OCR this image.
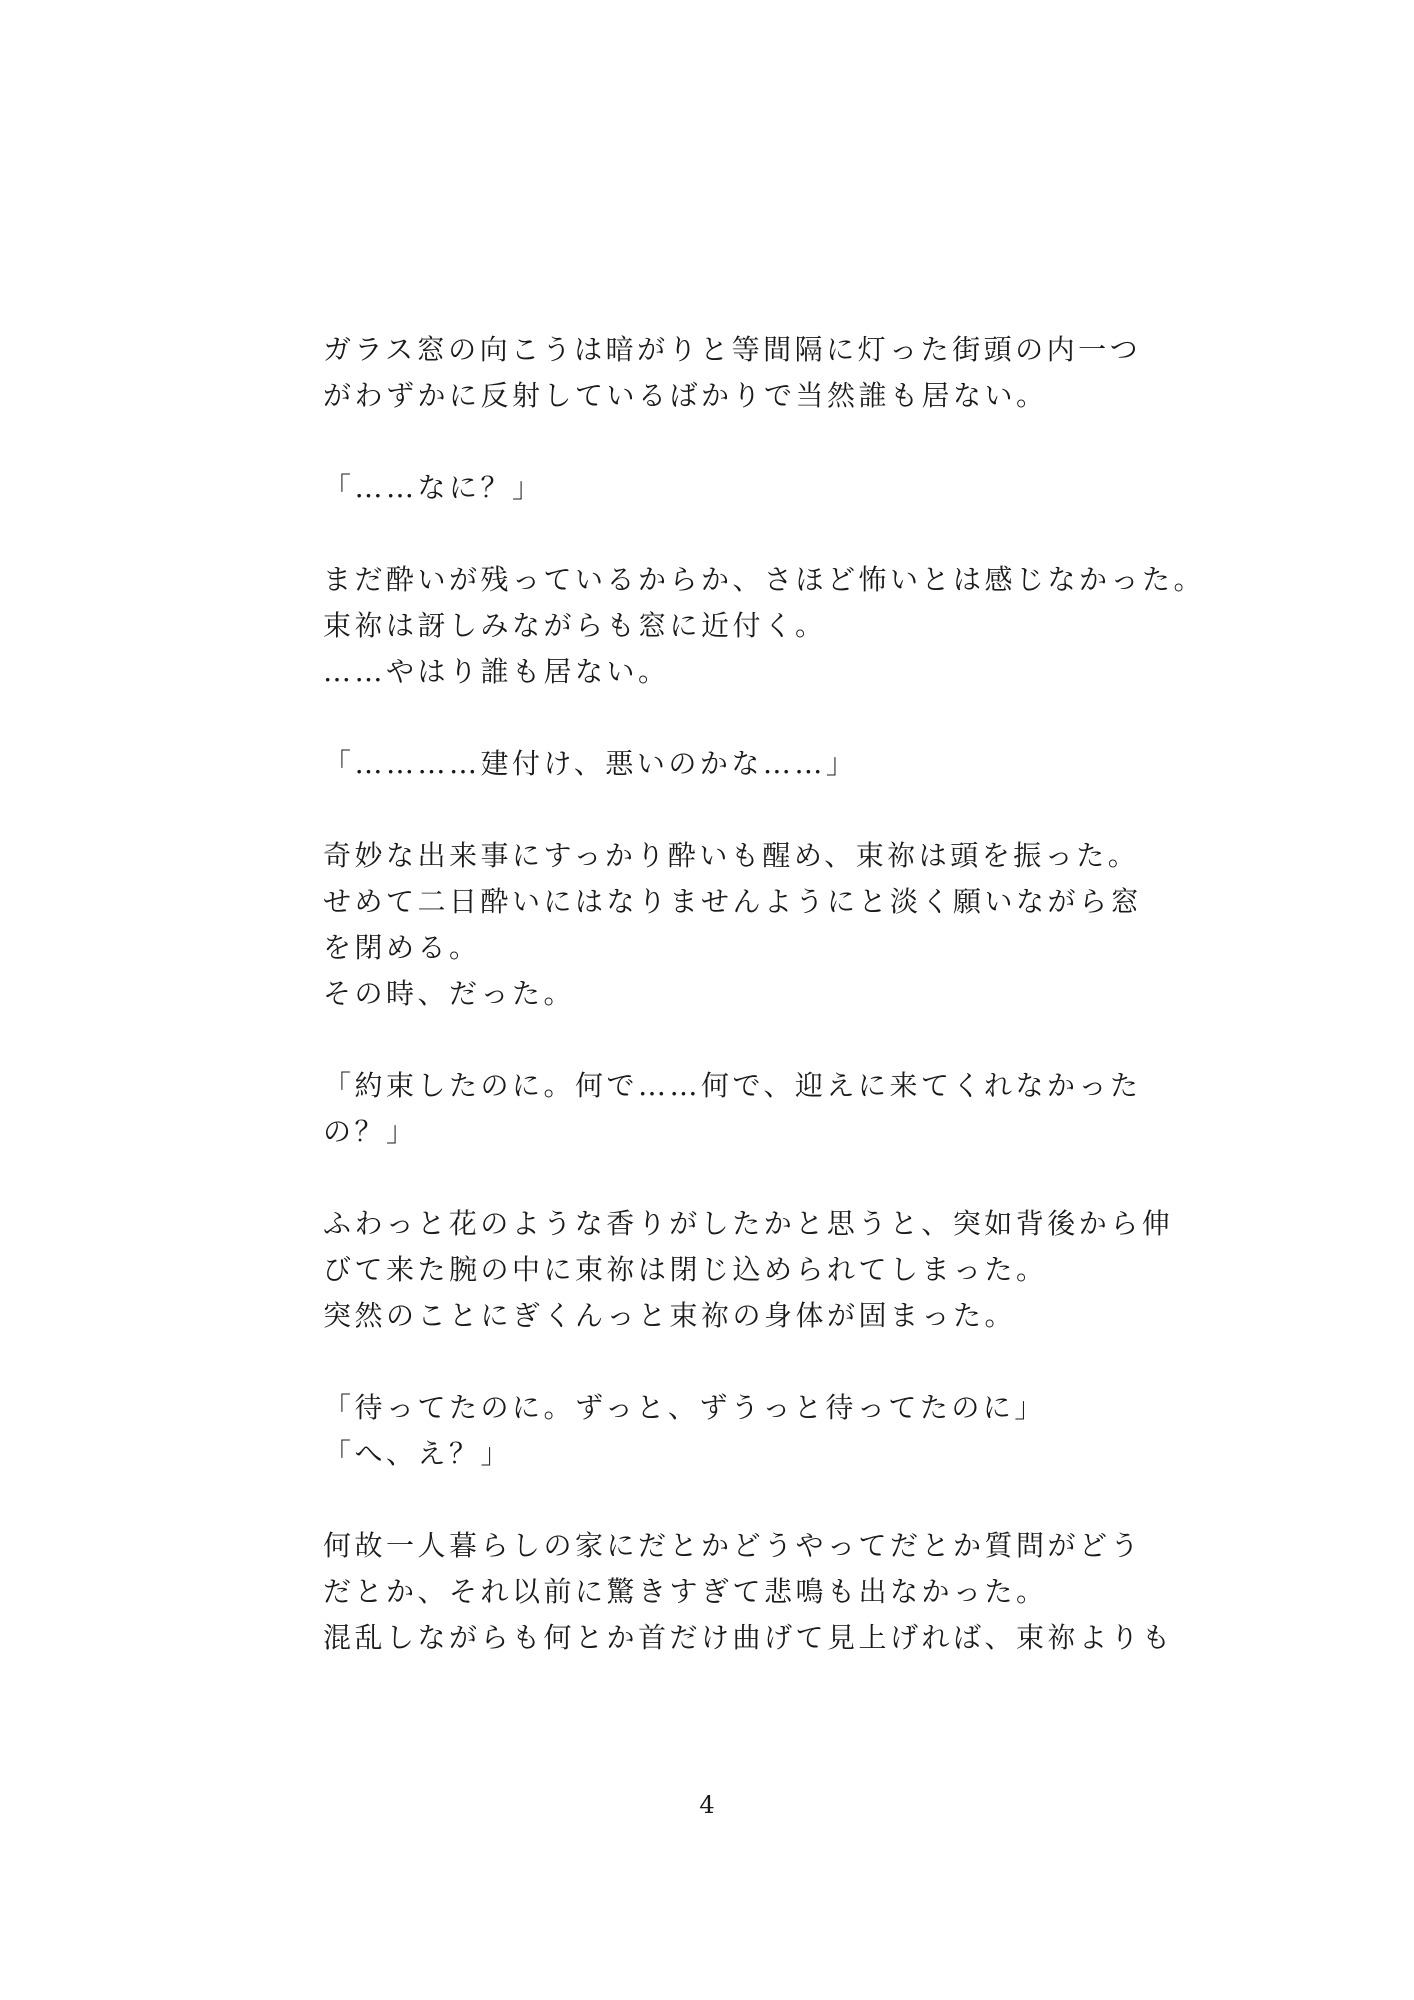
ガラス窓の向こうは暗がりと等間隔に灯った街頭の内一つ
がわずかに反射しているばかりで当然誰も居ない。
「……なに？」
まだ酔いが残っているからか、さほど怖いとは感じなかった。
束祢は訝しみながらも窓に近付く。
……やはり誰も居ない。
「…………建付け、悪いのかな……」
奇妙な出来事にすっかり酔いも醒め、束祢は頭を振った。
せめて二日酔いにはなりませんようにと淡く願いながら窓
を閉める。
その時、だった。
「約束したのに。何で……何で、迎えに来てくれなかった
の？」
ふわっと花のような香りがしたかと思うと、突如背後から伸
びて来た腕の中に束祢は閉じ込められてしまった。
突然のことにぎくんっと束祢の身体が固まった。
「待ってたのに。ずっと、ずうっと待ってたのに」
「へ、え？」
何故一人暮らしの家にだとかどうやってだとか質問がどう
だとか、それ以前に驚きすぎて悲鳴も出なかった。
混乱しながらも何とか首だけ曲げて見上げれば、束祢よりも
4
